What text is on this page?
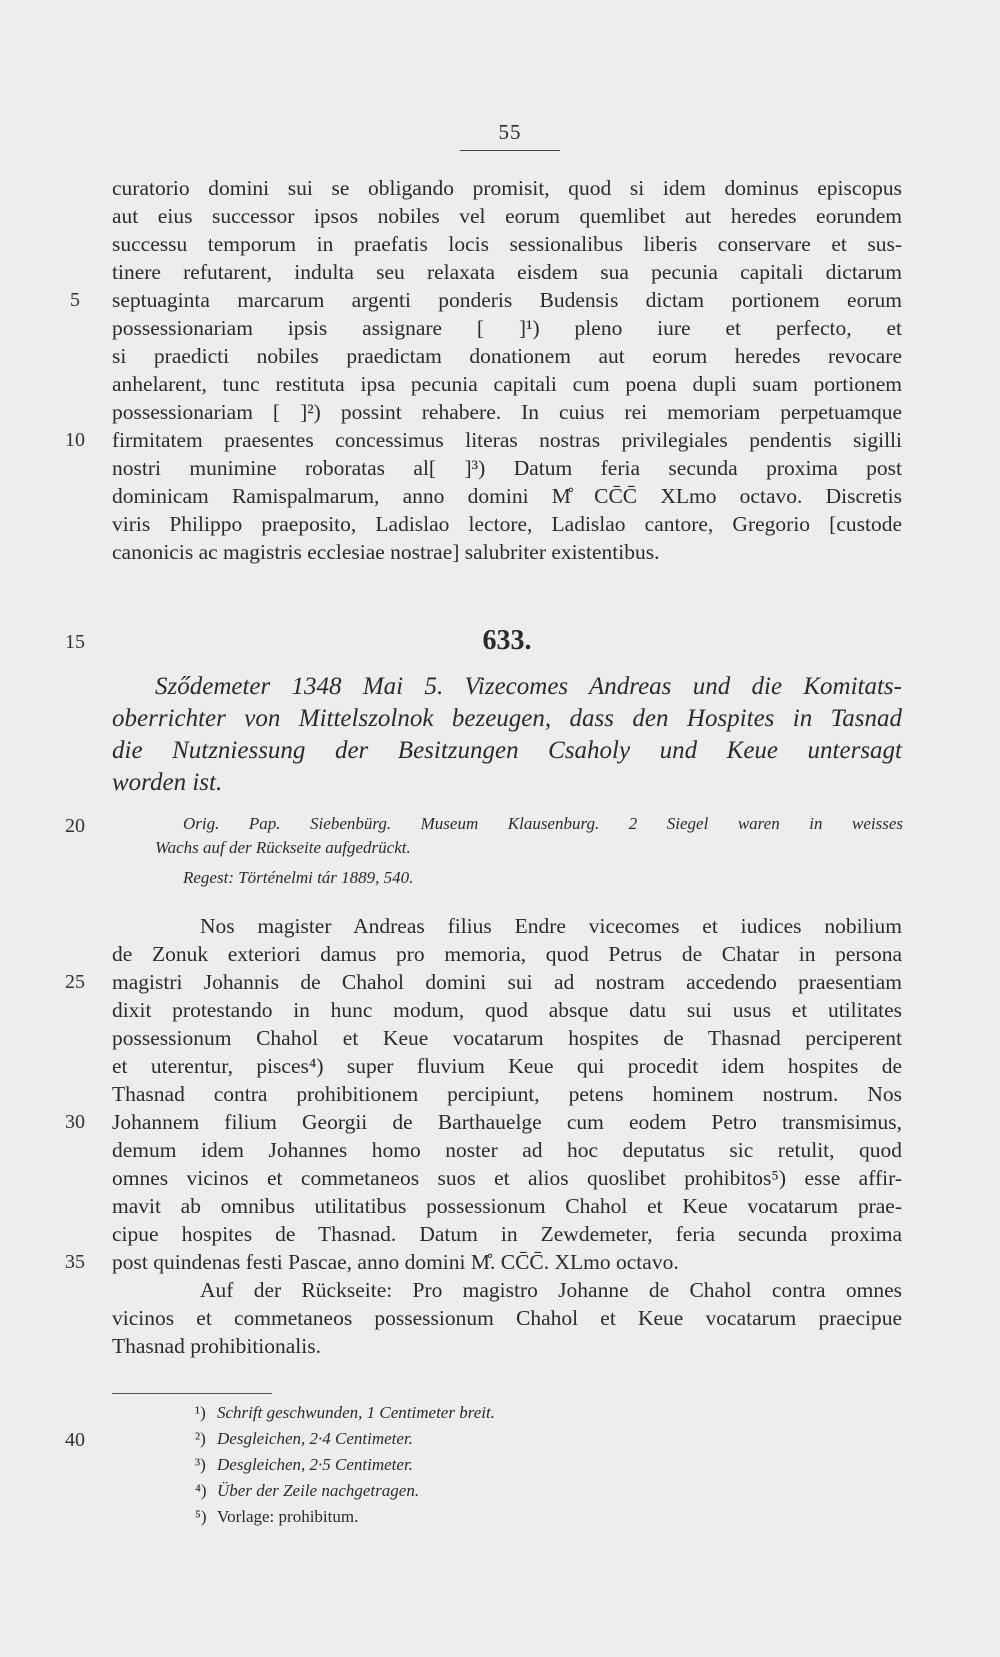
55
curatorio domini sui se obligando promisit, quod si idem dominus episcopus
aut eius successor ipsos nobiles vel eorum quemlibet aut heredes eorundem
successu temporum in praefatis locis sessionalibus liberis conservare et sus-
tinere refutarent, indulta seu relaxata eisdem sua pecunia capitali dictarum
septuaginta marcarum argenti ponderis Budensis dictam portionem eorum
possessionariam ipsis assignare [ ]¹) pleno iure et perfecto, et
si praedicti nobiles praedictam donationem aut eorum heredes revocare
anhelarent, tunc restituta ipsa pecunia capitali cum poena dupli suam portionem
possessionariam [ ]²) possint rehabere. In cuius rei memoriam perpetuamque
firmitatem praesentes concessimus literas nostras privilegiales pendentis sigilli
nostri munimine roboratas al[ ]³) Datum feria secunda proxima post
dominicam Ramispalmarum, anno domini M̊ CC̄C̄ XLmo octavo. Discretis
viris Philippo praeposito, Ladislao lectore, Ladislao cantore, Gregorio [custode
canonicis ac magistris ecclesiae nostrae] salubriter existentibus.
633.
Sződemeter 1348 Mai 5. Vizecomes Andreas und die Komitats-
oberrichter von Mittelszolnok bezeugen, dass den Hospites in Tasnad
die Nutzniessung der Besitzungen Csaholy und Keue untersagt
worden ist.
Orig. Pap. Siebenbürg. Museum Klausenburg. 2 Siegel waren in weisses
Wachs auf der Rückseite aufgedrückt.
Regest: Történelmi tár 1889, 540.
Nos magister Andreas filius Endre vicecomes et iudices nobilium
de Zonuk exteriori damus pro memoria, quod Petrus de Chatar in persona
magistri Johannis de Chahol domini sui ad nostram accedendo praesentiam
dixit protestando in hunc modum, quod absque datu sui usus et utilitates
possessionum Chahol et Keue vocatarum hospites de Thasnad perciperent
et uterentur, pisces⁴) super fluvium Keue qui procedit idem hospites de
Thasnad contra prohibitionem percipiunt, petens hominem nostrum. Nos
Johannem filium Georgii de Barthauelge cum eodem Petro transmisimus,
demum idem Johannes homo noster ad hoc deputatus sic retulit, quod
omnes vicinos et commetaneos suos et alios quoslibet prohibitos⁵) esse affir-
mavit ab omnibus utilitatibus possessionum Chahol et Keue vocatarum prae-
cipue hospites de Thasnad. Datum in Zewdemeter, feria secunda proxima
post quindenas festi Pascae, anno domini M̊. CC̄C̄. XLmo octavo.
Auf der Rückseite: Pro magistro Johanne de Chahol contra omnes
vicinos et commetaneos possessionum Chahol et Keue vocatarum praecipue
Thasnad prohibitionalis.
5
10
15
20
25
30
35
40
¹) Schrift geschwunden, 1 Centimeter breit.
²) Desgleichen, 2·4 Centimeter.
³) Desgleichen, 2·5 Centimeter.
⁴) Über der Zeile nachgetragen.
⁵) Vorlage: prohibitum.
